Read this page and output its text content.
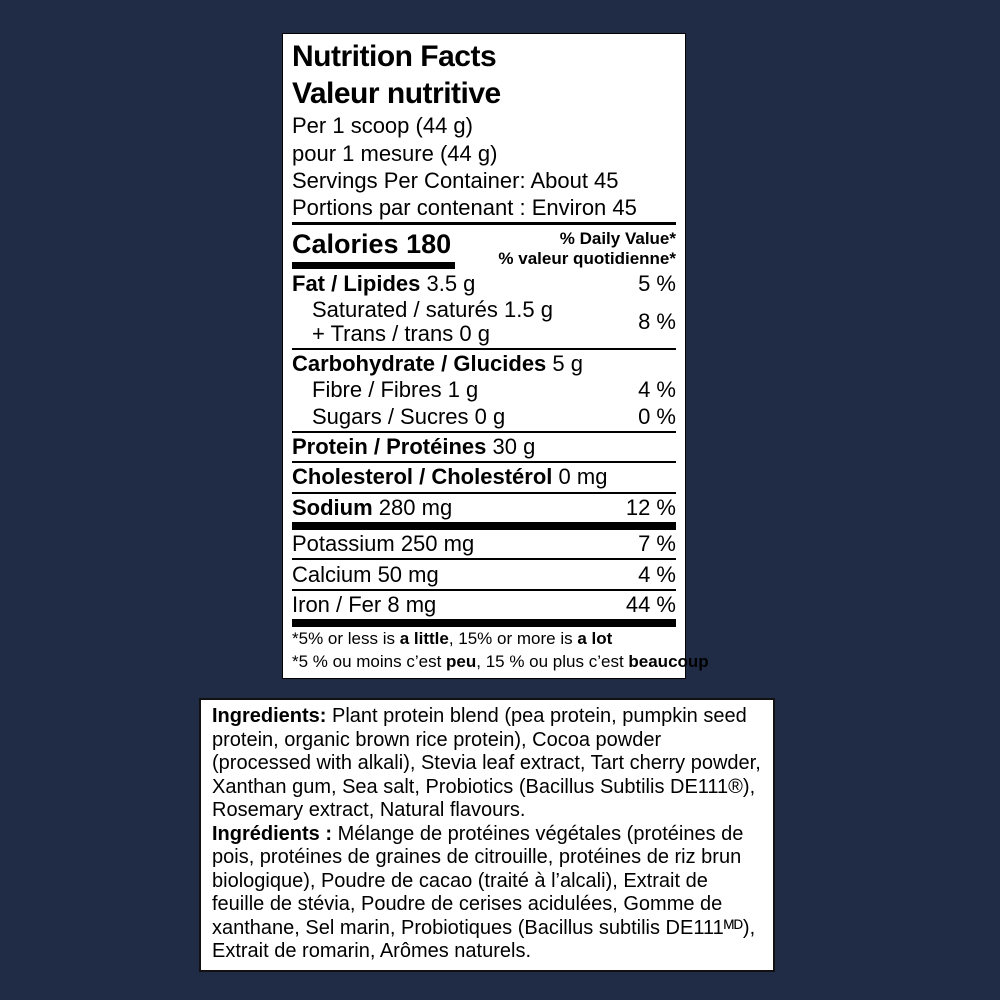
Nutrition Facts
Valeur nutritive
Per 1 scoop (44 g)
pour 1 mesure (44 g)
Servings Per Container: About 45
Portions par contenant : Environ 45
Calories 180	% Daily Value*
% valeur quotidienne*
Fat / Lipides 3.5 g	5 %
Saturated / saturés 1.5 g
+ Trans / trans 0 g	8 %
Carbohydrate / Glucides 5 g
Fibre / Fibres 1 g	4 %
Sugars / Sucres 0 g	0 %
Protein / Protéines 30 g
Cholesterol / Cholestérol 0 mg
Sodium 280 mg	12 %
Potassium 250 mg	7 %
Calcium 50 mg	4 %
Iron / Fer 8 mg	44 %
*5% or less is a little, 15% or more is a lot
*5 % ou moins c’est peu, 15 % ou plus c’est beaucoup
Ingredients: Plant protein blend (pea protein, pumpkin seed protein, organic brown rice protein), Cocoa powder (processed with alkali), Stevia leaf extract, Tart cherry powder, Xanthan gum, Sea salt, Probiotics (Bacillus Subtilis DE111®), Rosemary extract, Natural flavours.
Ingrédients : Mélange de protéines végétales (protéines de pois, protéines de graines de citrouille, protéines de riz brun biologique), Poudre de cacao (traité à l’alcali), Extrait de feuille de stévia, Poudre de cerises acidulées, Gomme de xanthane, Sel marin, Probiotiques (Bacillus subtilis DE111ᴹᴰ), Extrait de romarin, Arômes naturels.
